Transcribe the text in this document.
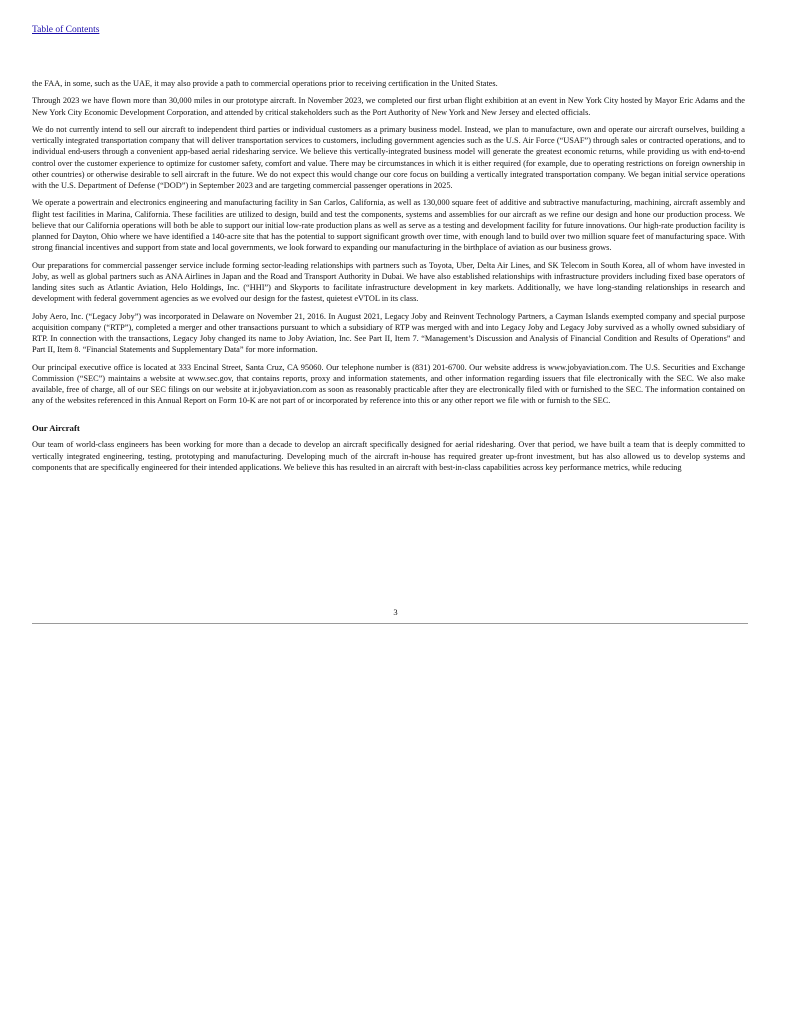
Table of Contents

the FAA, in some, such as the UAE, it may also provide a path to commercial operations prior to receiving certification in the United States.

Through 2023 we have flown more than 30,000 miles in our prototype aircraft. In November 2023, we completed our first urban flight exhibition at an event in New York City hosted by Mayor Eric Adams and the New York City Economic Development Corporation, and attended by critical stakeholders such as the Port Authority of New York and New Jersey and elected officials.

We do not currently intend to sell our aircraft to independent third parties or individual customers as a primary business model. Instead, we plan to manufacture, own and operate our aircraft ourselves, building a vertically integrated transportation company that will deliver transportation services to customers, including government agencies such as the U.S. Air Force (“USAF”) through sales or contracted operations, and to individual end-users through a convenient app-based aerial ridesharing service. We believe this vertically-integrated business model will generate the greatest economic returns, while providing us with end-to-end control over the customer experience to optimize for customer safety, comfort and value. There may be circumstances in which it is either required (for example, due to operating restrictions on foreign ownership in other countries) or otherwise desirable to sell aircraft in the future. We do not expect this would change our core focus on building a vertically integrated transportation company. We began initial service operations with the U.S. Department of Defense (“DOD”) in September 2023 and are targeting commercial passenger operations in 2025.

We operate a powertrain and electronics engineering and manufacturing facility in San Carlos, California, as well as 130,000 square feet of additive and subtractive manufacturing, machining, aircraft assembly and flight test facilities in Marina, California. These facilities are utilized to design, build and test the components, systems and assemblies for our aircraft as we refine our design and hone our production process. We believe that our California operations will both be able to support our initial low-rate production plans as well as serve as a testing and development facility for future innovations. Our high-rate production facility is planned for Dayton, Ohio where we have identified a 140-acre site that has the potential to support significant growth over time, with enough land to build over two million square feet of manufacturing space. With strong financial incentives and support from state and local governments, we look forward to expanding our manufacturing in the birthplace of aviation as our business grows.

Our preparations for commercial passenger service include forming sector-leading relationships with partners such as Toyota, Uber, Delta Air Lines, and SK Telecom in South Korea, all of whom have invested in Joby, as well as global partners such as ANA Airlines in Japan and the Road and Transport Authority in Dubai. We have also established relationships with infrastructure providers including fixed base operators of landing sites such as Atlantic Aviation, Helo Holdings, Inc. (“HHI”) and Skyports to facilitate infrastructure development in key markets. Additionally, we have long-standing relationships in research and development with federal government agencies as we evolved our design for the fastest, quietest eVTOL in its class.

Joby Aero, Inc. (“Legacy Joby”) was incorporated in Delaware on November 21, 2016. In August 2021, Legacy Joby and Reinvent Technology Partners, a Cayman Islands exempted company and special purpose acquisition company (“RTP”), completed a merger and other transactions pursuant to which a subsidiary of RTP was merged with and into Legacy Joby and Legacy Joby survived as a wholly owned subsidiary of RTP. In connection with the transactions, Legacy Joby changed its name to Joby Aviation, Inc. See Part II, Item 7. “Management’s Discussion and Analysis of Financial Condition and Results of Operations” and Part II, Item 8. “Financial Statements and Supplementary Data” for more information.

Our principal executive office is located at 333 Encinal Street, Santa Cruz, CA 95060. Our telephone number is (831) 201-6700. Our website address is www.jobyaviation.com. The U.S. Securities and Exchange Commission (“SEC”) maintains a website at www.sec.gov, that contains reports, proxy and information statements, and other information regarding issuers that file electronically with the SEC. We also make available, free of charge, all of our SEC filings on our website at ir.jobyaviation.com as soon as reasonably practicable after they are electronically filed with or furnished to the SEC. The information contained on any of the websites referenced in this Annual Report on Form 10-K are not part of or incorporated by reference into this or any other report we file with or furnish to the SEC.

Our Aircraft

Our team of world-class engineers has been working for more than a decade to develop an aircraft specifically designed for aerial ridesharing. Over that period, we have built a team that is deeply committed to vertically integrated engineering, testing, prototyping and manufacturing. Developing much of the aircraft in-house has required greater up-front investment, but has also allowed us to develop systems and components that are specifically engineered for their intended applications. We believe this has resulted in an aircraft with best-in-class capabilities across key performance metrics, while reducing

3
